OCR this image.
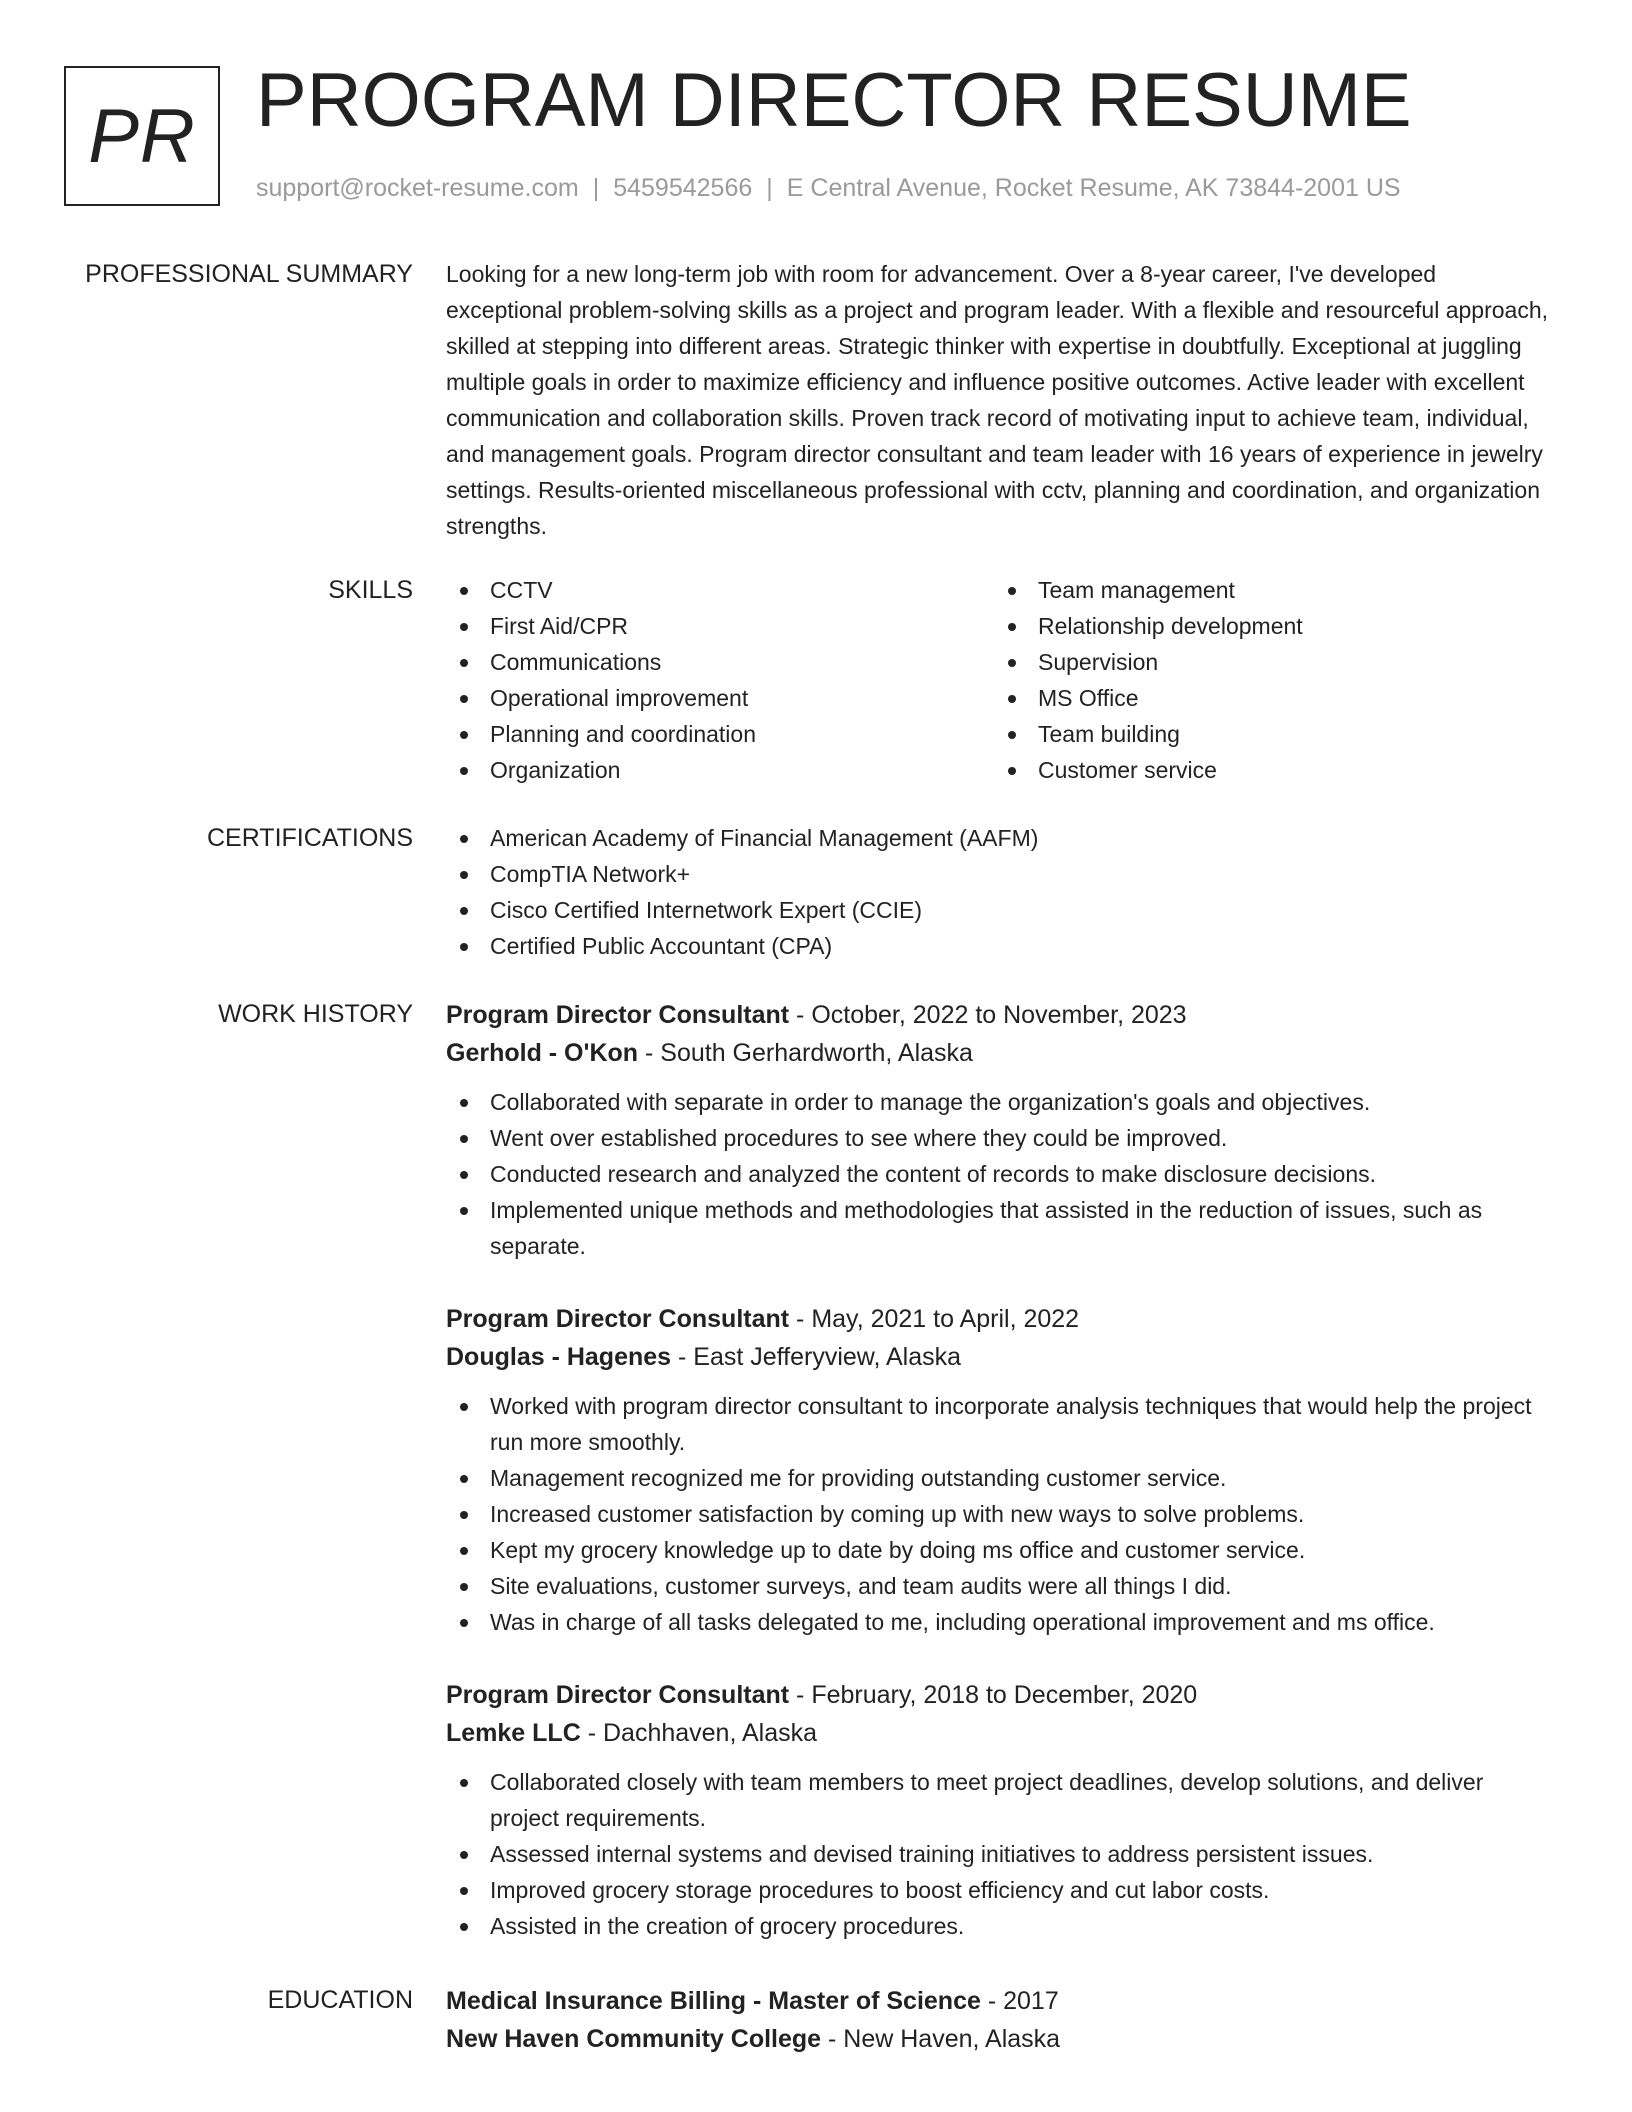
PR PROGRAM DIRECTOR RESUME
support@rocket-resume.com | 5459542566 | E Central Avenue, Rocket Resume, AK 73844-2001 US
PROFESSIONAL SUMMARY Looking for a new long-term job with room for advancement. Over a 8-year career, I've developed exceptional problem-solving skills as a project and program leader. With a flexible and resourceful approach, skilled at stepping into different areas. Strategic thinker with expertise in doubtfully. Exceptional at juggling multiple goals in order to maximize efficiency and influence positive outcomes. Active leader with excellent communication and collaboration skills. Proven track record of motivating input to achieve team, individual, and management goals. Program director consultant and team leader with 16 years of experience in jewelry settings. Results-oriented miscellaneous professional with cctv, planning and coordination, and organization strengths.

SKILLS	CCTV
First Aid/CPR
Communications
Operational improvement
Planning and coordination
Organization
Team management
Relationship development
Supervision
MS Office
Team building
Customer service
CERTIFICATIONS	American Academy of Financial Management (AAFM)
CompTIA Network+
Cisco Certified Internetwork Expert (CCIE)
Certified Public Accountant (CPA)
WORK HISTORY Program Director Consultant - October, 2022 to November, 2023
Gerhold - O'Kon - South Gerhardworth, Alaska
Collaborated with separate in order to manage the organization's goals and objectives.
Went over established procedures to see where they could be improved.
Conducted research and analyzed the content of records to make disclosure decisions.
Implemented unique methods and methodologies that assisted in the reduction of issues, such as separate.
Program Director Consultant - May, 2021 to April, 2022
Douglas - Hagenes - East Jefferyview, Alaska
Worked with program director consultant to incorporate analysis techniques that would help the project run more smoothly.
Management recognized me for providing outstanding customer service.
Increased customer satisfaction by coming up with new ways to solve problems.
Kept my grocery knowledge up to date by doing ms office and customer service.
Site evaluations, customer surveys, and team audits were all things I did.
Was in charge of all tasks delegated to me, including operational improvement and ms office.
Program Director Consultant - February, 2018 to December, 2020
Lemke LLC - Dachhaven, Alaska
Collaborated closely with team members to meet project deadlines, develop solutions, and deliver project requirements.
Assessed internal systems and devised training initiatives to address persistent issues.
Improved grocery storage procedures to boost efficiency and cut labor costs.
Assisted in the creation of grocery procedures.
EDUCATION Medical Insurance Billing - Master of Science - 2017
New Haven Community College - New Haven, Alaska
